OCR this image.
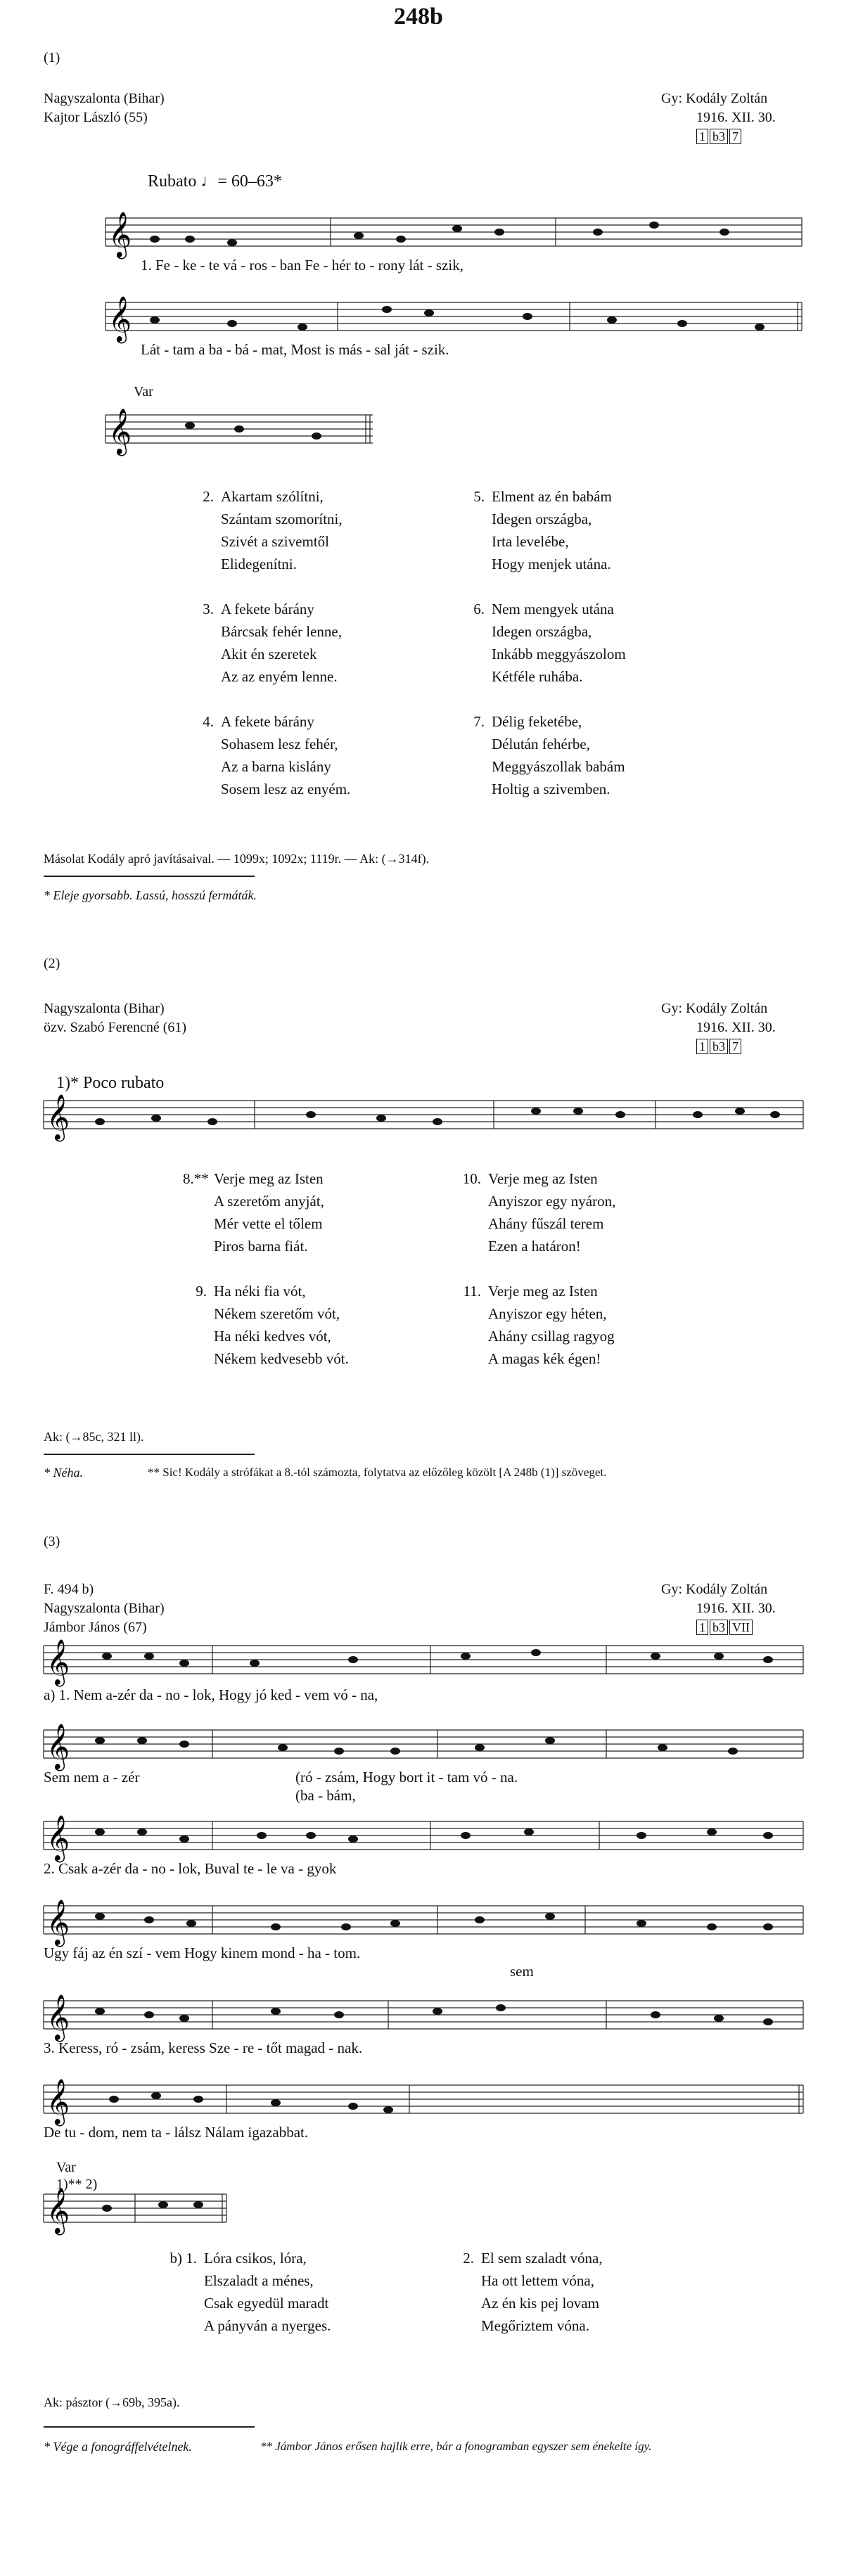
248b
(1)
Nagyszalonta (Bihar)
Kajtor László (55)
Gy: Kodály Zoltán
1916. XII. 30.
1 b3 7
Rubato ♩= 60–63*
𝄞
1. Fe - ke - te vá - ros - ban Fe - hér to - rony lát - szik,
𝄞
Lát - tam a ba - bá - mat, Most is más - sal ját - szik.
Var
𝄞
2. Akartam szólítni,
Szántam szomorítni,
Szivét a szivemtől
Elidegenítni.
3. A fekete bárány
Bárcsak fehér lenne,
Akit én szeretek
Az az enyém lenne.
4. A fekete bárány
Sohasem lesz fehér,
Az a barna kislány
Sosem lesz az enyém.
5. Elment az én babám
Idegen országba,
Irta levelébe,
Hogy menjek utána.
6. Nem mengyek utána
Idegen országba,
Inkább meggyászolom
Kétféle ruhába.
7. Délig feketébe,
Délután fehérbe,
Meggyászollak babám
Holtig a szivemben.
Másolat Kodály apró javításaival. — 1099x; 1092x; 1119r. — Ak: (→314f).
* Eleje gyorsabb. Lassú, hosszú fermáták.
(2)
Nagyszalonta (Bihar)
özv. Szabó Ferencné (61)
Gy: Kodály Zoltán
1916. XII. 30.
1 b3 7
1)* Poco rubato
𝄞
8.** Verje meg az Isten
A szeretőm anyját,
Mér vette el tőlem
Piros barna fiát.
9. Ha néki fia vót,
Nékem szeretőm vót,
Ha néki kedves vót,
Nékem kedvesebb vót.
10. Verje meg az Isten
Anyiszor egy nyáron,
Ahány fűszál terem
Ezen a határon!
11. Verje meg az Isten
Anyiszor egy héten,
Ahány csillag ragyog
A magas kék égen!
Ak: (→85c, 321 ll).
* Néha.	** Sic! Kodály a strófákat a 8.-tól számozta, folytatva az előzőleg közölt [A 248b (1)] szöveget.
(3)
F. 494 b)
Nagyszalonta (Bihar)
Jámbor János (67)
Gy: Kodály Zoltán
1916. XII. 30.
1 b3 VII
𝄞
a) 1. Nem a-zér da - no - lok, Hogy jó ked - vem vó - na,
𝄞
Sem nem a - zér	(ró - zsám, Hogy bort it - tam vó - na.
(ba - bám,
𝄞
2. Csak a-zér da - no - lok, Buval te - le va - gyok
𝄞
Ugy fáj az én szí - vem Hogy kinem mond - ha - tom.
sem
𝄞
3. Keress, ró - zsám, keress Sze - re - tőt magad - nak.
𝄞
De tu - dom, nem ta - lálsz Nálam igazabbat.
Var
1)** 2)
𝄞
b) 1. Lóra csikos, lóra,
Elszaladt a ménes,
Csak egyedül maradt
A pányván a nyerges.
2. El sem szaladt vóna,
Ha ott lettem vóna,
Az én kis pej lovam
Megőriztem vóna.
Ak: pásztor (→69b, 395a).
* Vége a fonográffelvételnek.	** Jámbor János erősen hajlik erre, bár a fonogramban egyszer sem énekelte így.
